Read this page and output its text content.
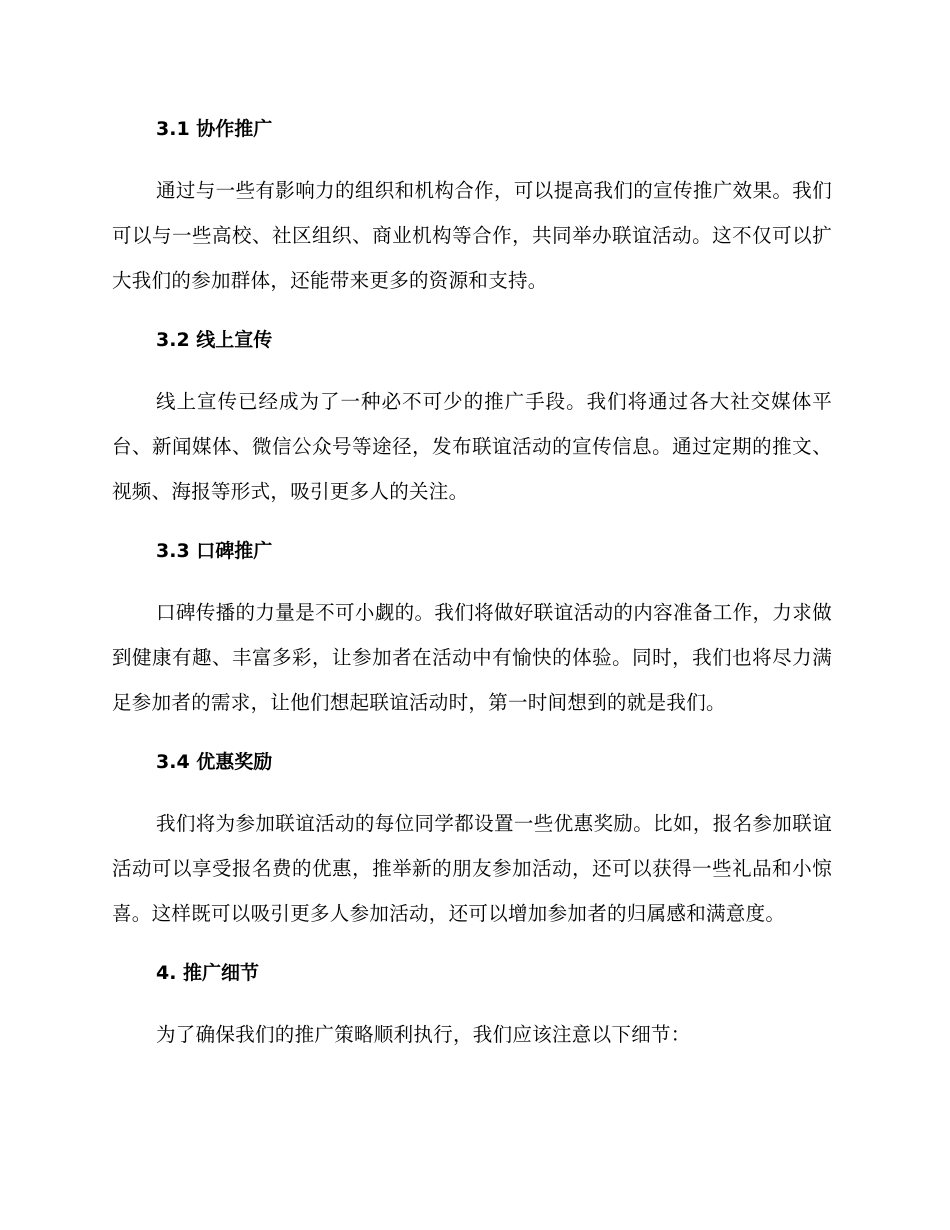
3.1 协作推广

通过与一些有影响力的组织和机构合作，可以提高我们的宣传推广效果。我们可以与一些高校、社区组织、商业机构等合作，共同举办联谊活动。这不仅可以扩大我们的参加群体，还能带来更多的资源和支持。

3.2 线上宣传

线上宣传已经成为了一种必不可少的推广手段。我们将通过各大社交媒体平台、新闻媒体、微信公众号等途径，发布联谊活动的宣传信息。通过定期的推文、视频、海报等形式，吸引更多人的关注。

3.3 口碑推广

口碑传播的力量是不可小觑的。我们将做好联谊活动的内容准备工作，力求做到健康有趣、丰富多彩，让参加者在活动中有愉快的体验。同时，我们也将尽力满足参加者的需求，让他们想起联谊活动时，第一时间想到的就是我们。

3.4 优惠奖励

我们将为参加联谊活动的每位同学都设置一些优惠奖励。比如，报名参加联谊活动可以享受报名费的优惠，推举新的朋友参加活动，还可以获得一些礼品和小惊喜。这样既可以吸引更多人参加活动，还可以增加参加者的归属感和满意度。

4. 推广细节

为了确保我们的推广策略顺利执行，我们应该注意以下细节：
